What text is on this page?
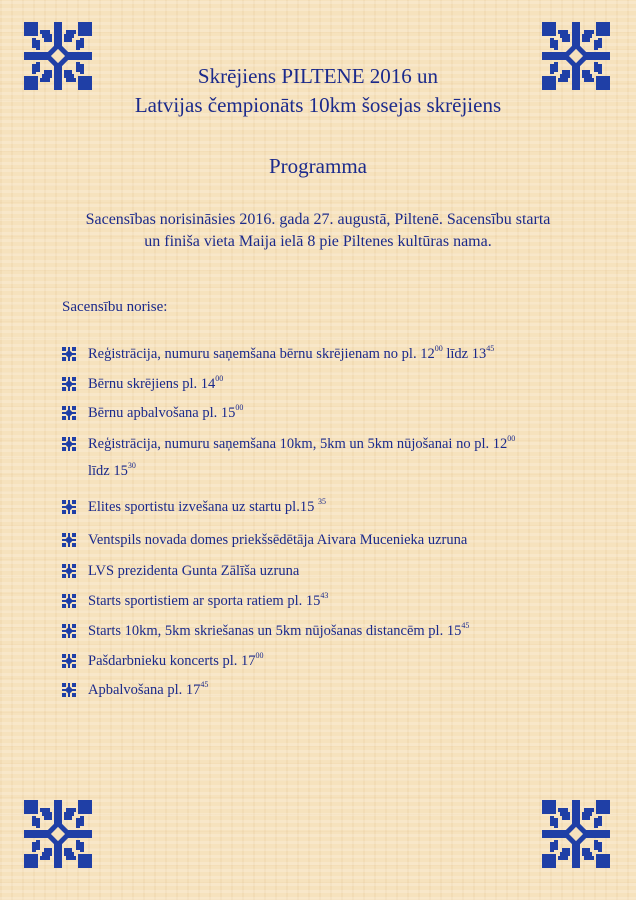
Skrējiens PILTENE 2016 un
Latvijas čempionāts 10km šosejas skrējiens
Programma
Sacensības norisināsies 2016. gada 27. augustā, Piltenē. Sacensību starta
un finiša vieta Maija ielā 8 pie Piltenes kultūras nama.
Sacensību norise:
Reģistrācija, numuru saņemšana bērnu skrējienam no pl. $12^{00}$ līdz $13^{45}$
Bērnu skrējiens pl. $14^{00}$
Bērnu apbalvošana pl. $15^{00}$
Reģistrācija, numuru saņemšana 10km, 5km un 5km nūjošanai no pl. $12^{00}$
Elites sportistu izvešana uz startu pl.15 $^{35}$
Ventspils novada domes priekšsēdētāja Aivara Mucenieka uzruna
LVS prezidenta Gunta Zālīša uzruna
Starts sportistiem ar sporta ratiem pl. $15^{43}$
Starts 10km, 5km skriešanas un 5km nūjošanas distancēm pl. $15^{45}$
Pašdarbnieku koncerts pl. $17^{00}$
Apbalvošana pl. $17^{45}$
līdz $15^{30}$
